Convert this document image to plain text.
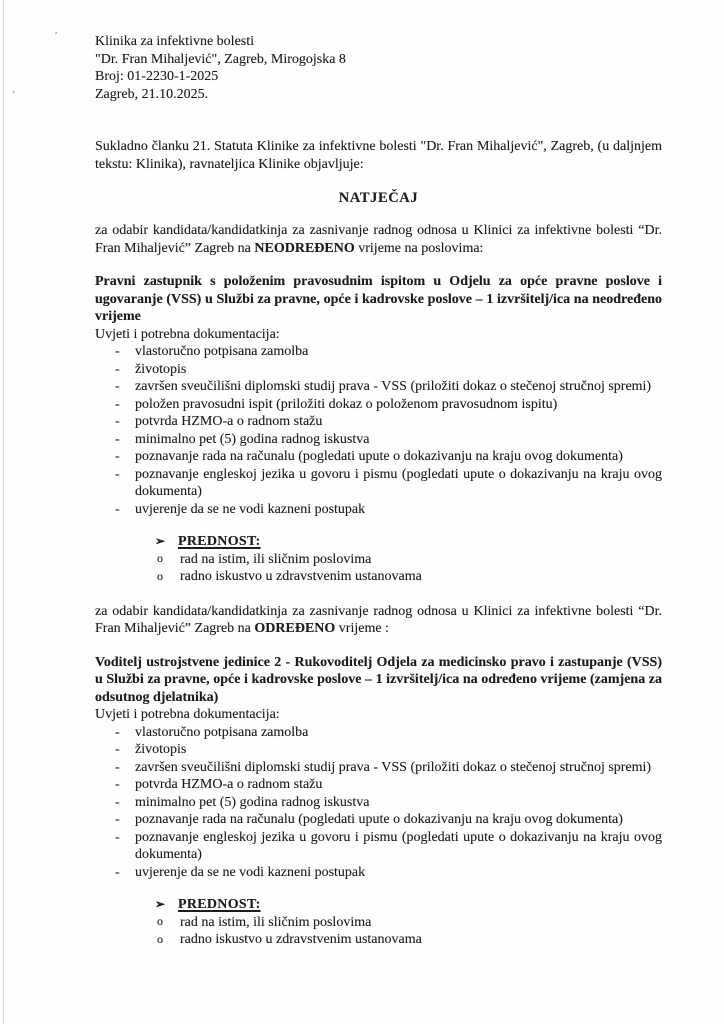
’
ʳ
Klinika za infektivne bolesti
"Dr. Fran Mihaljević", Zagreb, Mirogojska 8
Broj: 01-2230-1-2025
Zagreb, 21.10.2025.

Sukladno članku 21. Statuta Klinike za infektivne bolesti "Dr. Fran Mihaljević", Zagreb, (u daljnjem tekstu: Klinika), ravnateljica Klinike objavljuje:

NATJEČAJ

za odabir kandidata/kandidatkinja za zasnivanje radnog odnosa u Klinici za infektivne bolesti “Dr. Fran Mihaljević” Zagreb na NEODREĐENO vrijeme na poslovima:

Pravni zastupnik s položenim pravosudnim ispitom u Odjelu za opće pravne poslove i ugovaranje (VSS) u Službi za pravne, opće i kadrovske poslove – 1 izvršitelj/ica na neodređeno vrijeme

Uvjeti i potrebna dokumentacija:

- vlastoručno potpisana zamolba
- životopis
- završen sveučilišni diplomski studij prava - VSS (priložiti dokaz o stečenoj stručnoj spremi)
- položen pravosudni ispit (priložiti dokaz o položenom pravosudnom ispitu)
- potvrda HZMO-a o radnom stažu
- minimalno pet (5) godina radnog iskustva
- poznavanje rada na računalu (pogledati upute o dokazivanju na kraju ovog dokumenta)
- poznavanje engleskoj jezika u govoru i pismu (pogledati upute o dokazivanju na kraju ovog dokumenta)
- uvjerenje da se ne vodi kazneni postupak
➢ PREDNOST:
o rad na istim, ili sličnim poslovima
o radno iskustvo u zdravstvenim ustanovama

za odabir kandidata/kandidatkinja za zasnivanje radnog odnosa u Klinici za infektivne bolesti “Dr. Fran Mihaljević” Zagreb na ODREĐENO vrijeme :

Voditelj ustrojstvene jedinice 2 - Rukovoditelj Odjela za medicinsko pravo i zastupanje (VSS) u Službi za pravne, opće i kadrovske poslove – 1 izvršitelj/ica na određeno vrijeme (zamjena za odsutnog djelatnika)

Uvjeti i potrebna dokumentacija:

- vlastoručno potpisana zamolba
- životopis
- završen sveučilišni diplomski studij prava - VSS (priložiti dokaz o stečenoj stručnoj spremi)
- potvrda HZMO-a o radnom stažu
- minimalno pet (5) godina radnog iskustva
- poznavanje rada na računalu (pogledati upute o dokazivanju na kraju ovog dokumenta)
- poznavanje engleskoj jezika u govoru i pismu (pogledati upute o dokazivanju na kraju ovog dokumenta)
- uvjerenje da se ne vodi kazneni postupak
➢ PREDNOST:
o rad na istim, ili sličnim poslovima
o radno iskustvo u zdravstvenim ustanovama
